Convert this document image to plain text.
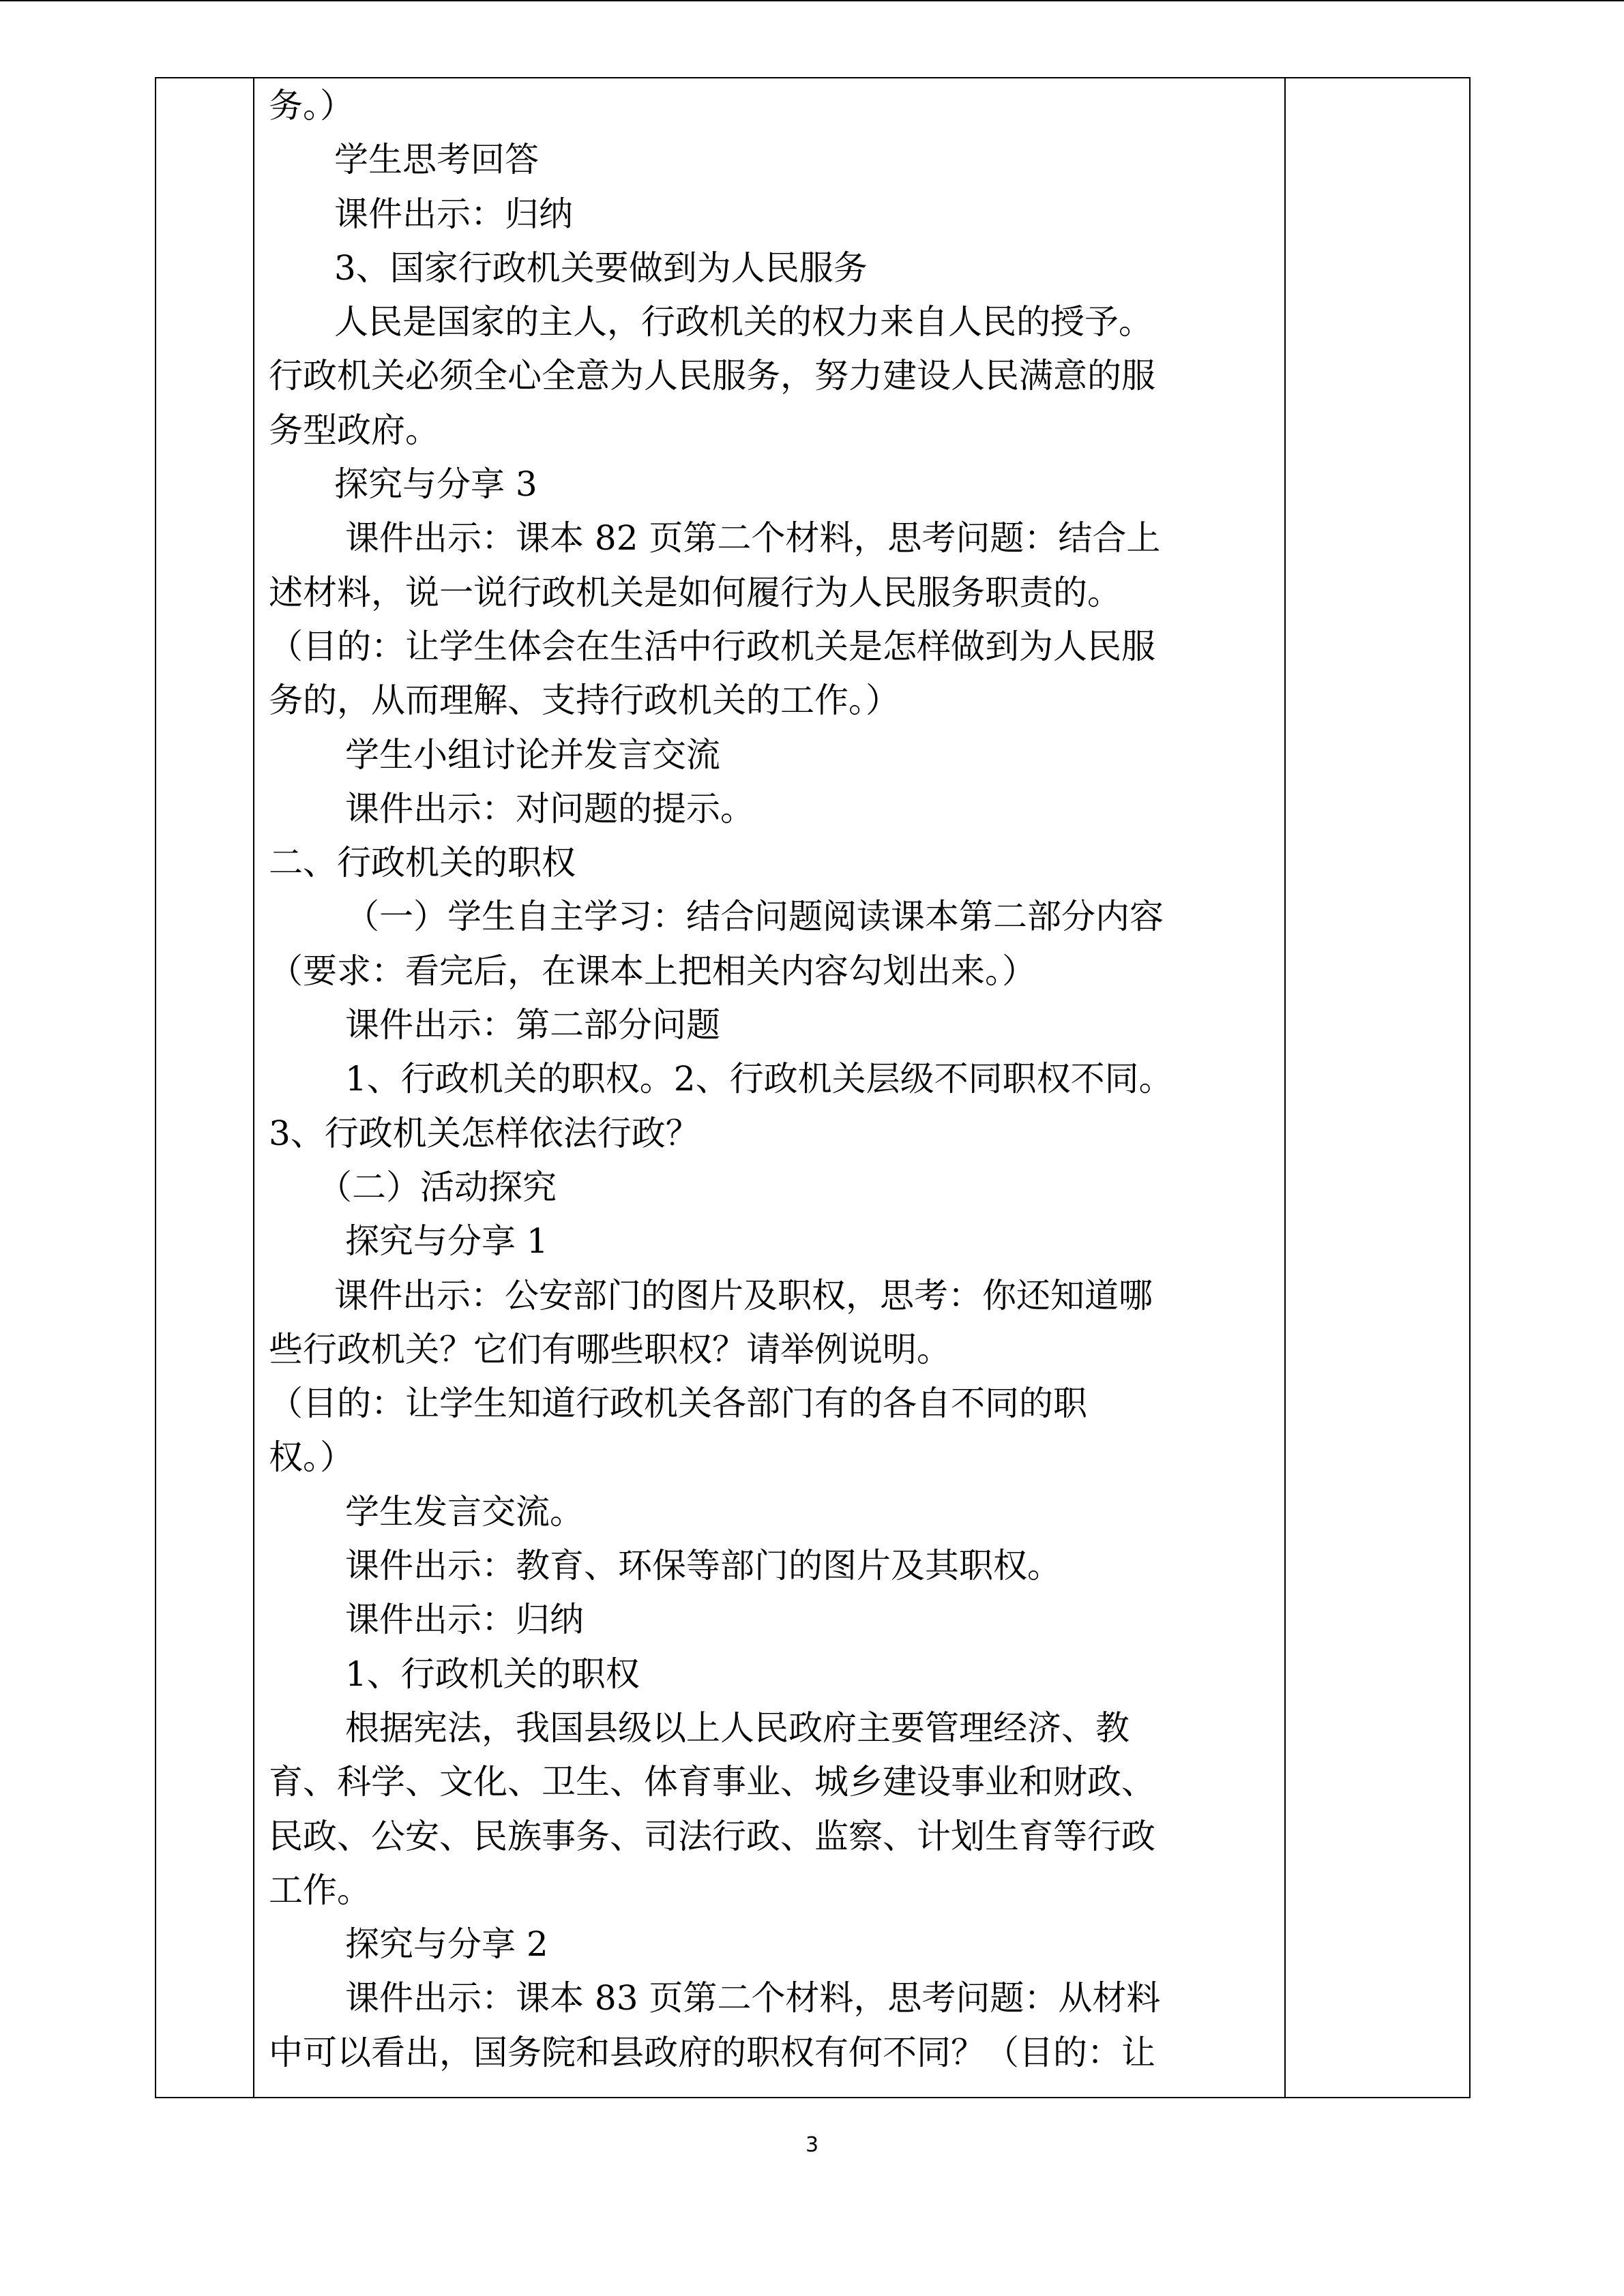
务。）
学生思考回答
课件出示：归纳
3、国家行政机关要做到为人民服务
人民是国家的主人，行政机关的权力来自人民的授予。
行政机关必须全心全意为人民服务，努力建设人民满意的服
务型政府。
探究与分享 3
课件出示：课本 82 页第二个材料，思考问题：结合上
述材料，说一说行政机关是如何履行为人民服务职责的。
（目的：让学生体会在生活中行政机关是怎样做到为人民服
务的，从而理解、支持行政机关的工作。）
学生小组讨论并发言交流
课件出示：对问题的提示。
二、行政机关的职权
（一）学生自主学习：结合问题阅读课本第二部分内容
（要求：看完后，在课本上把相关内容勾划出来。）
课件出示：第二部分问题
1、行政机关的职权。2、行政机关层级不同职权不同。
3、行政机关怎样依法行政？
（二）活动探究
探究与分享 1
课件出示：公安部门的图片及职权，思考：你还知道哪
些行政机关？它们有哪些职权？请举例说明。
（目的：让学生知道行政机关各部门有的各自不同的职
权。）
学生发言交流。
课件出示：教育、环保等部门的图片及其职权。
课件出示：归纳
1、行政机关的职权
根据宪法，我国县级以上人民政府主要管理经济、教
育、科学、文化、卫生、体育事业、城乡建设事业和财政、
民政、公安、民族事务、司法行政、监察、计划生育等行政
工作。
探究与分享 2
课件出示：课本 83 页第二个材料，思考问题：从材料
中可以看出，国务院和县政府的职权有何不同？（目的：让
3
